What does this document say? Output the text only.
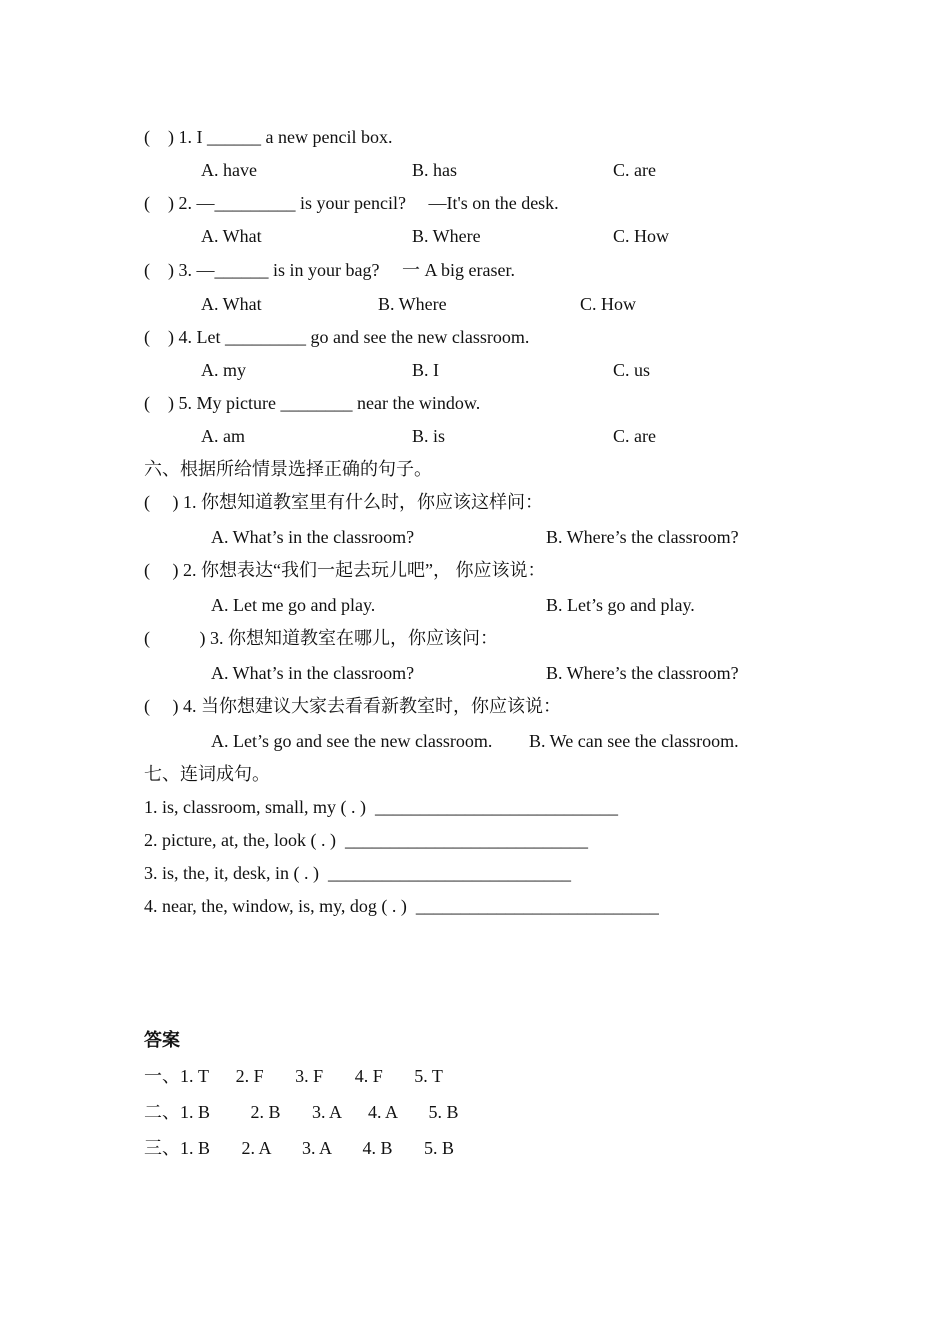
(    ) 1. I ______ a new pencil box.
A. have	B. has	C. are
(    ) 2. —_________ is your pencil?     —It's on the desk.
A. What	B. Where	C. How
(    ) 3. —______ is in your bag?     一 A big eraser.
A. What	B. Where	C. How
(    ) 4. Let _________ go and see the new classroom.
A. my	B. I	C. us
(    ) 5. My picture ________ near the window.
A. am	B. is	C. are
六、根据所给情景选择正确的句子。
(     ) 1. 你想知道教室里有什么时，你应该这样问：
A. What’s in the classroom?	B. Where’s the classroom?
(     ) 2. 你想表达“我们一起去玩儿吧”， 你应该说：
A. Let me go and play.	B. Let’s go and play.
(           ) 3. 你想知道教室在哪儿，你应该问：
A. What’s in the classroom?	B. Where’s the classroom?
(     ) 4. 当你想建议大家去看看新教室时，你应该说：
A. Let’s go and see the new classroom. B. We can see the classroom.
七、连词成句。
1. is, classroom, small, my ( . )  ___________________________
2. picture, at, the, look ( . )  ___________________________
3. is, the, it, desk, in ( . )  ___________________________
4. near, the, window, is, my, dog ( . )  ___________________________
答案
一、1. T      2. F       3. F       4. F       5. T
二、1. B         2. B       3. A      4. A       5. B
三、1. B       2. A       3. A       4. B       5. B
